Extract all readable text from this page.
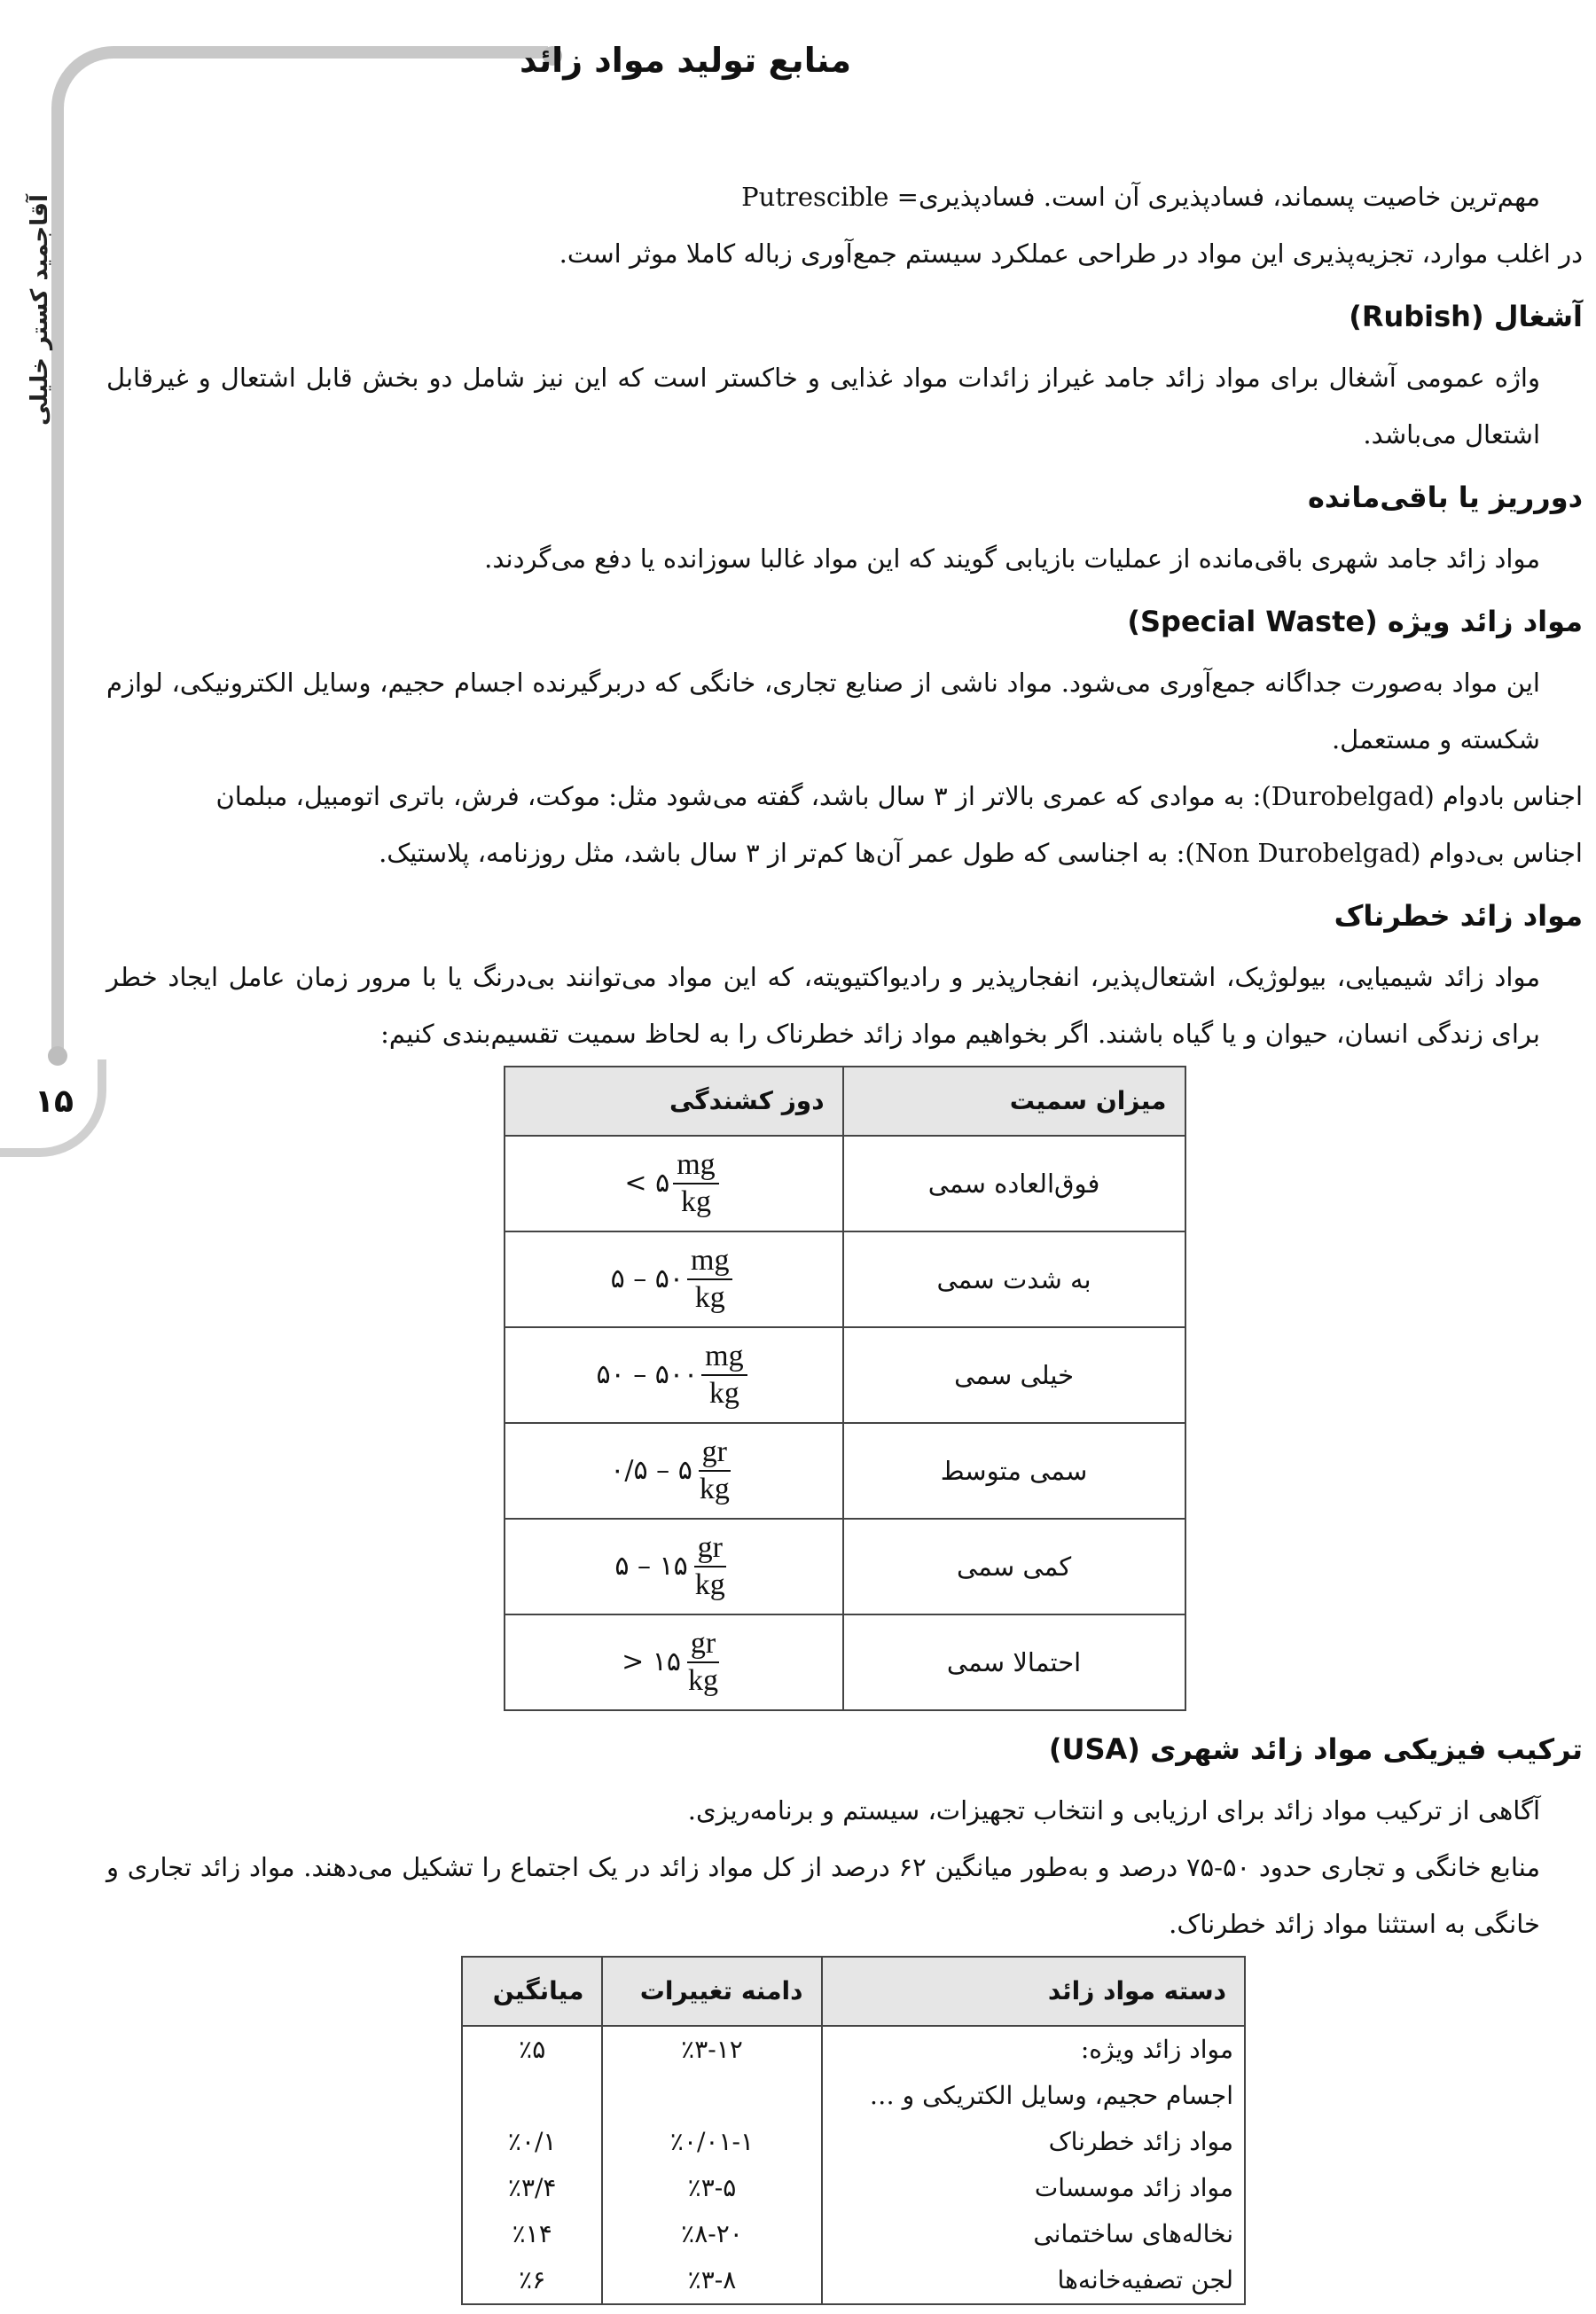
آقاجمید کستر خلیلی
۱۵
منابع تولید مواد زائد

مهم‌ترین خاصیت پسماند، فسادپذیری آن است. فسادپذیری= Putrescible

در اغلب موارد، تجزیه‌پذیری این مواد در طراحی عملکرد سیستم جمع‌آوری زباله کاملا موثر است.

آشغال (Rubish)

واژه عمومی آشغال برای مواد زائد جامد غیراز زائدات مواد غذایی و خاکستر است که این نیز شامل دو بخش قابل اشتعال و غیرقابل اشتعال می‌باشد.

دورریز یا باقی‌مانده

مواد زائد جامد شهری باقی‌مانده از عملیات بازیابی گویند که این مواد غالبا سوزانده یا دفع می‌گردند.

مواد زائد ویژه (Special Waste)

این مواد به‌صورت جداگانه جمع‌آوری می‌شود. مواد ناشی از صنایع تجاری، خانگی که دربرگیرنده اجسام حجیم، وسایل الکترونیکی، لوازم شکسته و مستعمل.

اجناس بادوام (Durobelgad): به موادی که عمری بالاتر از ۳ سال باشد، گفته می‌شود مثل: موکت، فرش، باتری اتومبیل، مبلمان

اجناس بی‌دوام (Non Durobelgad): به اجناسی که طول عمر آن‌ها کم‌تر از ۳ سال باشد، مثل روزنامه، پلاستیک.

مواد زائد خطرناک

مواد زائد شیمیایی، بیولوژیک، اشتعال‌پذیر، انفجارپذیر و رادیواکتیویته، که این مواد می‌توانند بی‌درنگ یا با مرور زمان عامل ایجاد خطر برای زندگی انسان، حیوان و یا گیاه باشند. اگر بخواهیم مواد زائد خطرناک را به لحاظ سمیت تقسیم‌بندی کنیم:

میزان سمیت	دوز کشندگی
فوق‌العاده سمی	< ۵ $\frac{mg}{kg}$

به شدت سمی	۵ – ۵۰ $\frac{mg}{kg}$

خیلی سمی	۵۰ – ۵۰۰ $\frac{mg}{kg}$

سمی متوسط	۰/۵ – ۵ $\frac{gr}{kg}$

کمی سمی	۵ – ۱۵ $\frac{gr}{kg}$

احتمالا سمی	> ۱۵ $\frac{gr}{kg}$
ترکیب فیزیکی مواد زائد شهری (USA)

آگاهی از ترکیب مواد زائد برای ارزیابی و انتخاب تجهیزات، سیستم و برنامه‌ریزی.

منابع خانگی و تجاری حدود ۵۰-۷۵ درصد و به‌طور میانگین ۶۲ درصد از کل مواد زائد در یک اجتماع را تشکیل می‌دهند. مواد زائد تجاری و خانگی به استثنا مواد زائد خطرناک.

دسته مواد زائد	دامنه تغییرات	میانگین
مواد زائد ویژه:	٪۳-۱۲	٪۵
اجسام حجیم، وسایل الکتریکی و …		
مواد زائد خطرناک	٪۰/۰۱-۱	٪۰/۱
مواد زائد موسسات	٪۳-۵	٪۳/۴
نخاله‌های ساختمانی	٪۸-۲۰	٪۱۴
لجن تصفیه‌خانه‌ها	٪۳-۸	٪۶
